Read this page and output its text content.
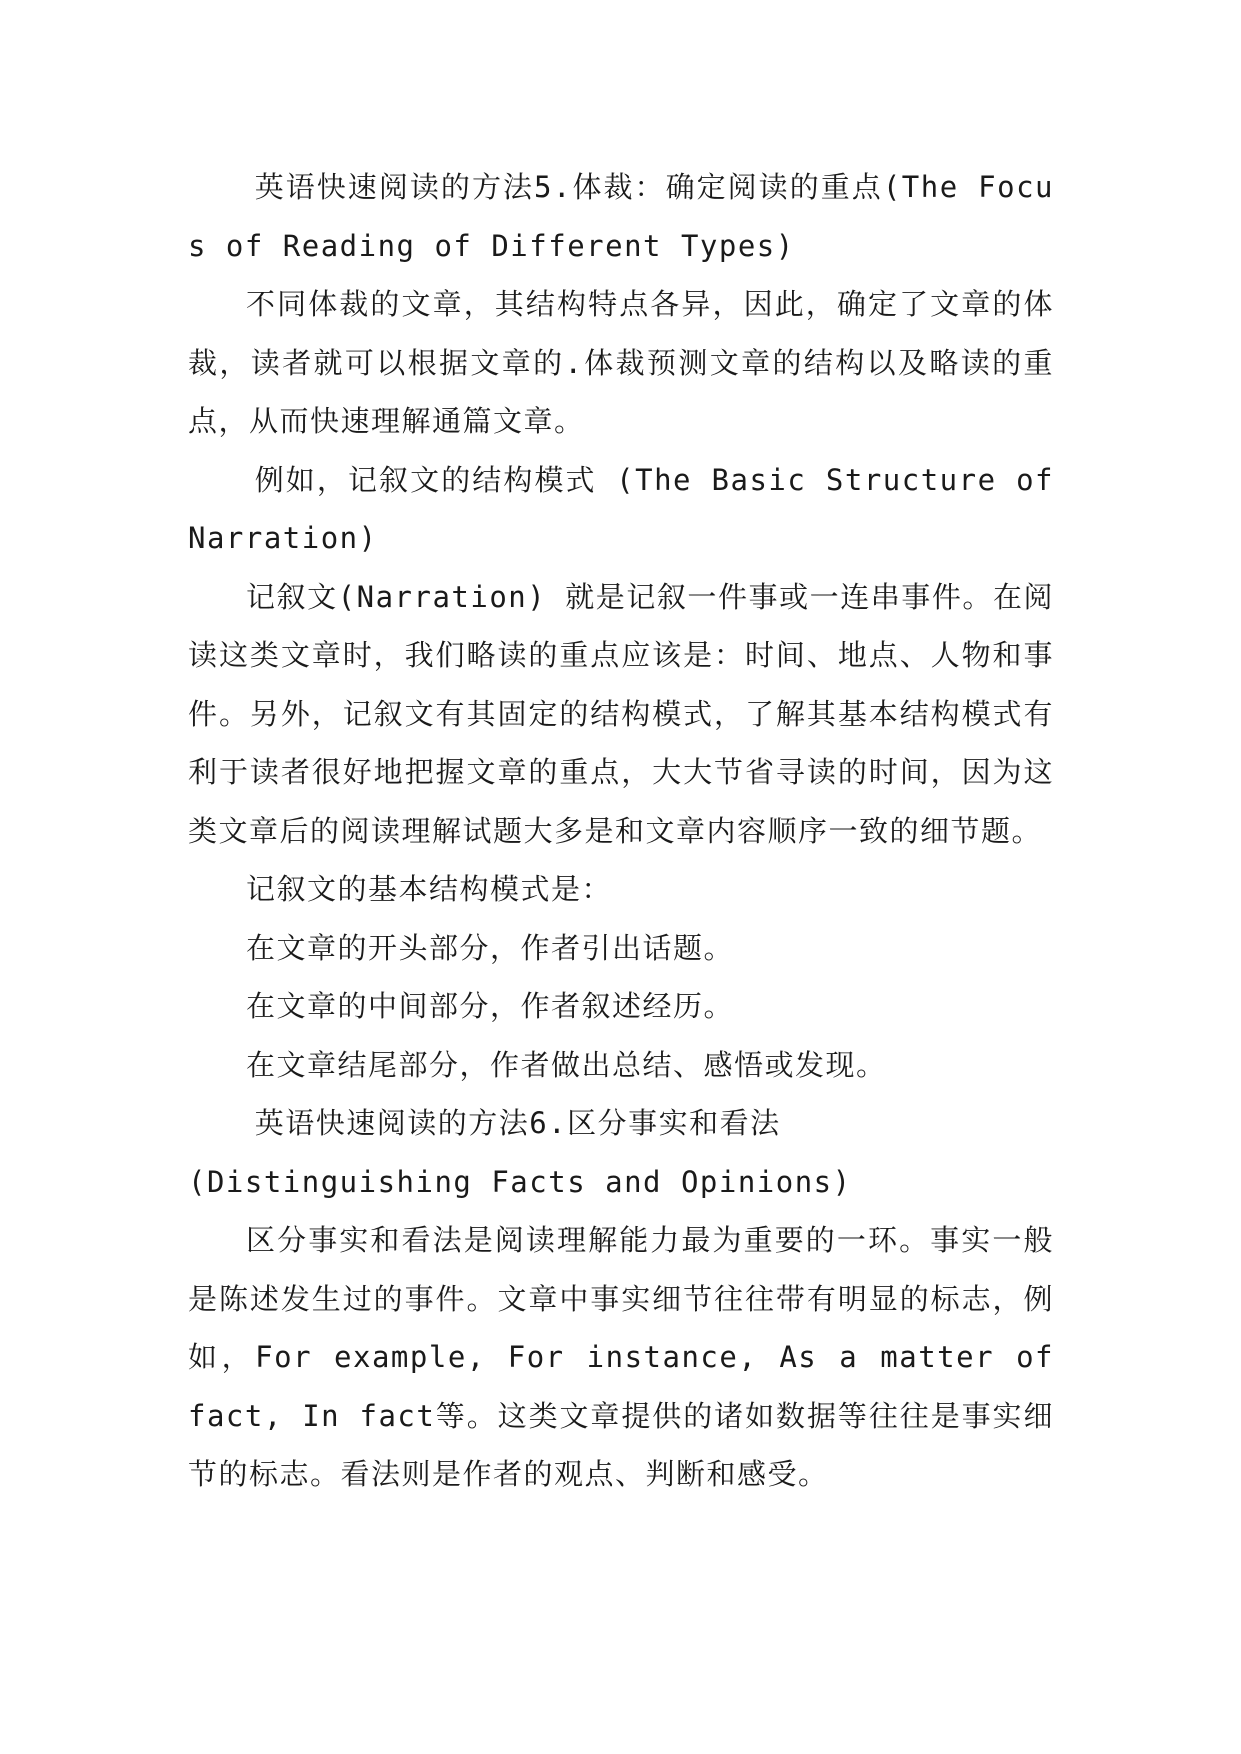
英语快速阅读的方法5.体裁：确定阅读的重点(The Focus of Reading of Different Types)

不同体裁的文章，其结构特点各异，因此，确定了文章的体裁，读者就可以根据文章的.体裁预测文章的结构以及略读的重点，从而快速理解通篇文章。

例如，记叙文的结构模式 (The Basic Structure of Narration)

记叙文(Narration) 就是记叙一件事或一连串事件。在阅读这类文章时，我们略读的重点应该是：时间、地点、人物和事件。另外，记叙文有其固定的结构模式，了解其基本结构模式有利于读者很好地把握文章的重点，大大节省寻读的时间，因为这类文章后的阅读理解试题大多是和文章内容顺序一致的细节题。

记叙文的基本结构模式是：

在文章的开头部分，作者引出话题。

在文章的中间部分，作者叙述经历。

在文章结尾部分，作者做出总结、感悟或发现。

英语快速阅读的方法6.区分事实和看法

(Distinguishing Facts and Opinions)

区分事实和看法是阅读理解能力最为重要的一环。事实一般是陈述发生过的事件。文章中事实细节往往带有明显的标志，例如，For example, For instance, As a matter of fact, In fact等。这类文章提供的诸如数据等往往是事实细节的标志。看法则是作者的观点、判断和感受。
